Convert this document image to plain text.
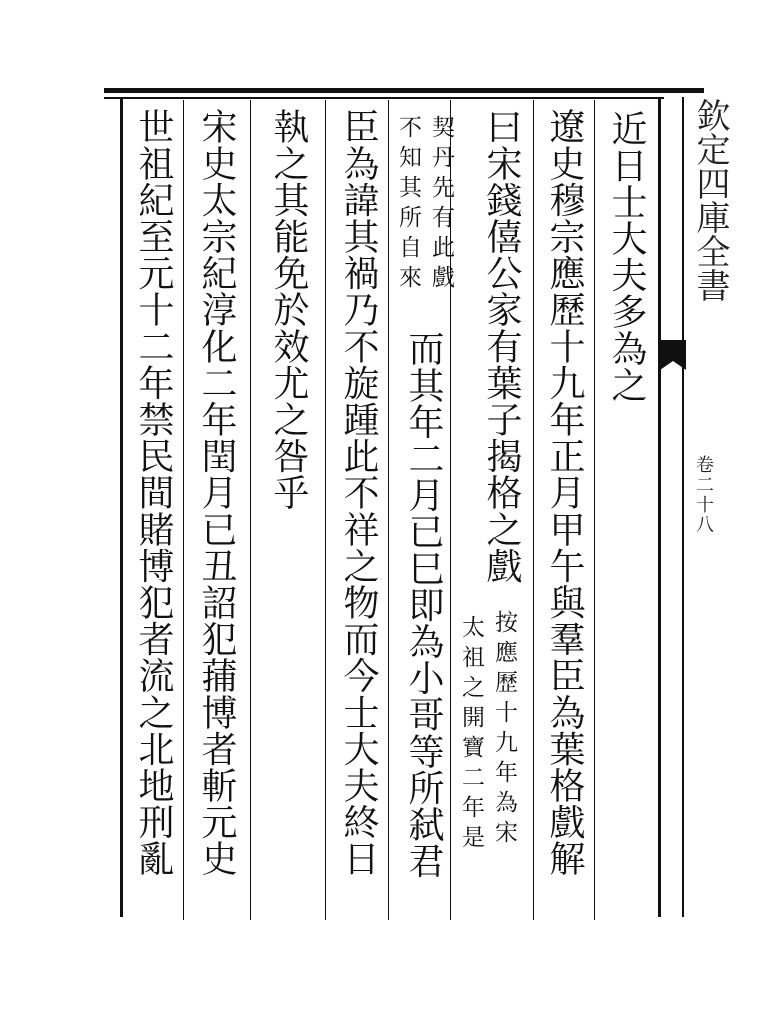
欽定四庫全書
卷二十八
近日士大夫多為之
遼史穆宗應歷十九年正月甲午與羣臣為葉格戲解
曰宋錢僖公家有葉子揭格之戲
按應歷十九年為宋
契丹先有此戲
太祖之開寶二年是
不知其所自來
而其年二月已巳即為小哥等所弑君
臣為諱其禍乃不旋踵此不祥之物而今士大夫終日
執之其能免於效尤之咎乎
宋史太宗紀淳化二年閏月已丑詔犯蒱博者斬元史
世祖紀至元十二年禁民間賭博犯者流之北地刑亂
